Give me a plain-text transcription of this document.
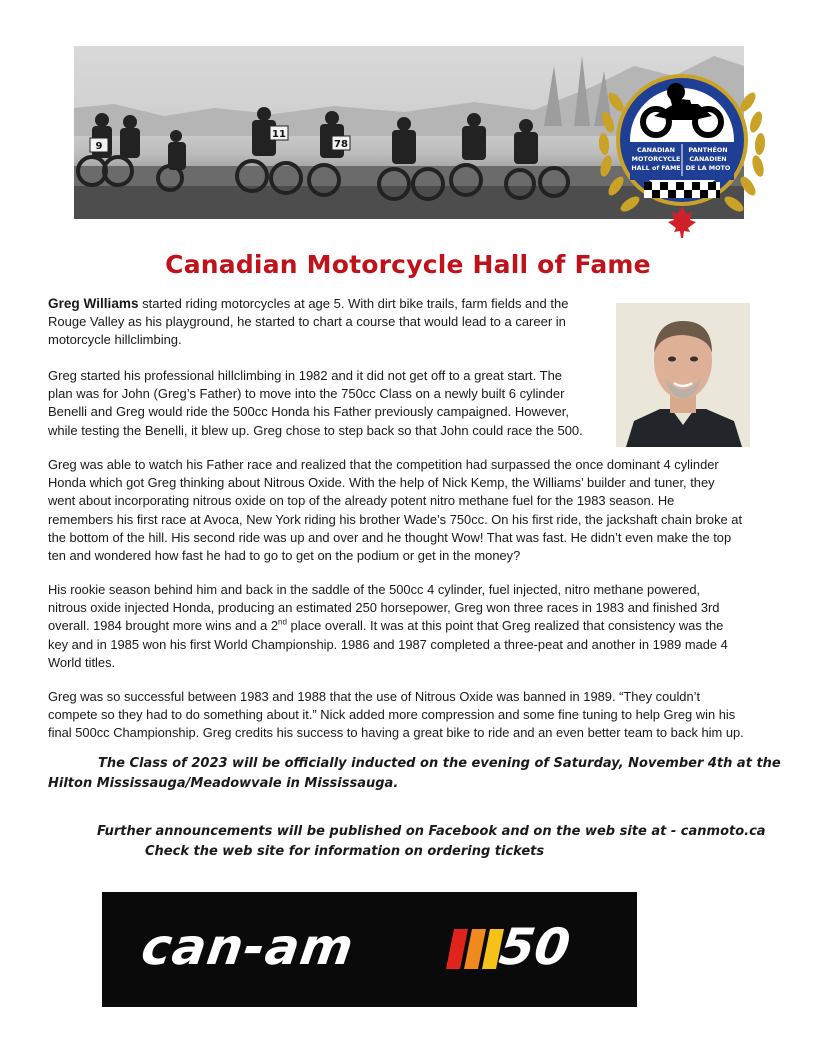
9	78
11
CANADIAN
MOTORCYCLE
HALL of FAME
PANTHÉON
CANADIEN
DE LA MOTO
Canadian Motorcycle Hall of Fame

Greg Williams started riding motorcycles at age 5. With dirt bike trails, farm fields and the
Rouge Valley as his playground, he started to chart a course that would lead to a career in
motorcycle hillclimbing.

Greg started his professional hillclimbing in 1982 and it did not get off to a great start. The
plan was for John (Greg’s Father) to move into the 750cc Class on a newly built 6 cylinder
Benelli and Greg would ride the 500cc Honda his Father previously campaigned. However,
while testing the Benelli, it blew up. Greg chose to step back so that John could race the 500.

Greg was able to watch his Father race and realized that the competition had surpassed the once dominant 4 cylinder
Honda which got Greg thinking about Nitrous Oxide. With the help of Nick Kemp, the Williams’ builder and tuner, they
went about incorporating nitrous oxide on top of the already potent nitro methane fuel for the 1983 season. He
remembers his first race at Avoca, New York riding his brother Wade’s 750cc. On his first ride, the jackshaft chain broke at
the bottom of the hill. His second ride was up and over and he thought Wow! That was fast. He didn’t even make the top
ten and wondered how fast he had to go to get on the podium or get in the money?

His rookie season behind him and back in the saddle of the 500cc 4 cylinder, fuel injected, nitro methane powered,
nitrous oxide injected Honda, producing an estimated 250 horsepower, Greg won three races in 1983 and finished 3rd
overall. 1984 brought more wins and a 2nd place overall. It was at this point that Greg realized that consistency was the
key and in 1985 won his first World Championship. 1986 and 1987 completed a three-peat and another in 1989 made 4
World titles.

Greg was so successful between 1983 and 1988 that the use of Nitrous Oxide was banned in 1989. “They couldn’t
compete so they had to do something about it.” Nick added more compression and some fine tuning to help Greg win his
final 500cc Championship. Greg credits his success to having a great bike to ride and an even better team to back him up.

The Class of 2023 will be officially inducted on the evening of Saturday, November 4th at the

Hilton Mississauga/Meadowvale in Mississauga.

Further announcements will be published on Facebook and on the web site at - canmoto.ca

Check the web site for information on ordering tickets

can-am	50
